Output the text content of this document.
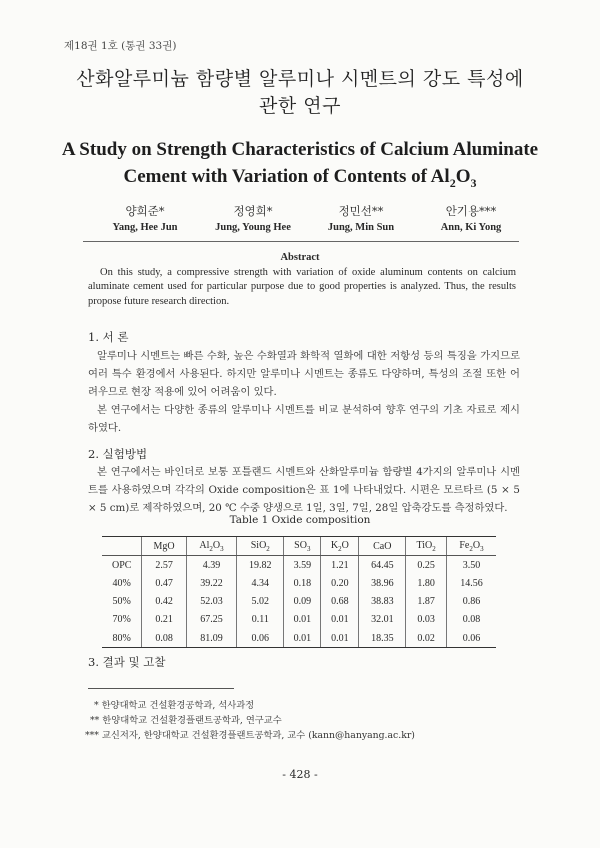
제18권 1호 (통권 33권)
산화알루미늄 함량별 알루미나 시멘트의 강도 특성에
관한 연구
A Study on Strength Characteristics of Calcium Aluminate
Cement with Variation of Contents of $Al_2O_3$
양희준*
Yang, Hee Jun
정영희*
Jung, Young Hee
정민선**
Jung, Min Sun
안기용***
Ann, Ki Yong
Abstract
On this study, a compressive strength with variation of oxide aluminum contents on calcium aluminate cement used for particular purpose due to good properties is analyzed. Thus, the results propose future research direction.
1. 서 론
알루미나 시멘트는 빠른 수화, 높은 수화열과 화학적 열화에 대한 저항성 등의 특징을 가지므로 여러 특수 환경에서 사용된다. 하지만 알루미나 시멘트는 종류도 다양하며, 특성의 조절 또한 어려우므로 현장 적용에 있어 어려움이 있다.
본 연구에서는 다양한 종류의 알루미나 시멘트를 비교 분석하여 향후 연구의 기초 자료로 제시하였다.
2. 실험방법
본 연구에서는 바인더로 보통 포틀랜드 시멘트와 산화알루미늄 함량별 4가지의 알루미나 시멘트를 사용하였으며 각각의 Oxide composition은 표 1에 나타내었다. 시편은 모르타르 (5 × 5 × 5 cm)로 제작하였으며, 20 ℃ 수중 양생으로 1일, 3일, 7일, 28일 압축강도를 측정하였다.
Table 1 Oxide composition
	MgO	$Al_2O_3$	SiO$_2$	$SO_3$	$K_2O$	CaO	TiO$_2$	$Fe_2O_3$
OPC	2.57	4.39	19.82	3.59	1.21	64.45	0.25	3.50
40%	0.47	39.22	4.34	0.18	0.20	38.96	1.80	14.56
50%	0.42	52.03	5.02	0.09	0.68	38.83	1.87	0.86
70%	0.21	67.25	0.11	0.01	0.01	32.01	0.03	0.08
80%	0.08	81.09	0.06	0.01	0.01	18.35	0.02	0.06
3. 결과 및 고찰
* 한양대학교 건설환경공학과, 석사과정
** 한양대학교 건설환경플랜트공학과, 연구교수
*** 교신저자, 한양대학교 건설환경플랜트공학과, 교수 (kann@hanyang.ac.kr)
- 428 -
